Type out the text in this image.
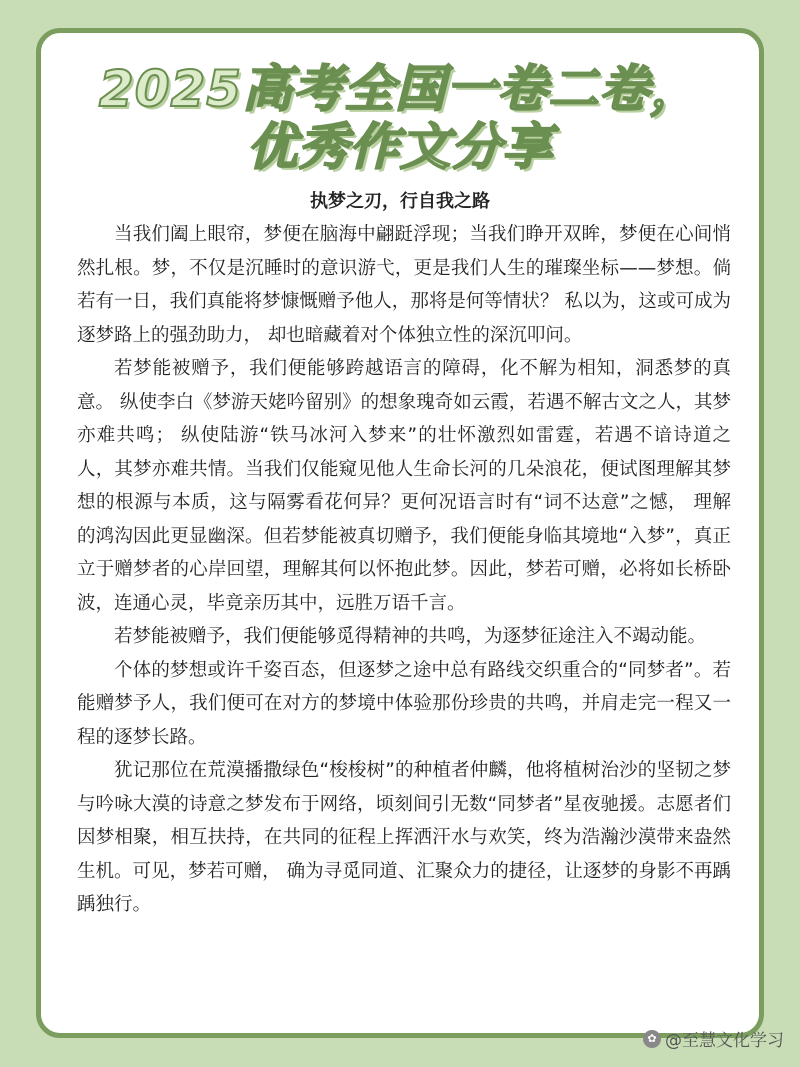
2025高考全国一卷二卷，
优秀作文分享
执梦之刃，行自我之路

当我们阖上眼帘，梦便在脑海中翩跹浮现；当我们睁开双眸，梦便在心间悄然扎根。梦，不仅是沉睡时的意识游弋，更是我们人生的璀璨坐标——梦想。倘若有一日，我们真能将梦慷慨赠予他人，那将是何等情状？ 私以为，这或可成为逐梦路上的强劲助力， 却也暗藏着对个体独立性的深沉叩问。

若梦能被赠予，我们便能够跨越语言的障碍，化不解为相知，洞悉梦的真意。 纵使李白《梦游天姥吟留别》的想象瑰奇如云霞，若遇不解古文之人，其梦亦难共鸣； 纵使陆游“铁马冰河入梦来”的壮怀激烈如雷霆，若遇不谙诗道之人，其梦亦难共情。当我们仅能窥见他人生命长河的几朵浪花，便试图理解其梦想的根源与本质，这与隔雾看花何异？更何况语言时有“词不达意”之憾， 理解的鸿沟因此更显幽深。但若梦能被真切赠予，我们便能身临其境地“入梦”，真正立于赠梦者的心岸回望，理解其何以怀抱此梦。因此，梦若可赠，必将如长桥卧波，连通心灵，毕竟亲历其中，远胜万语千言。

若梦能被赠予，我们便能够觅得精神的共鸣，为逐梦征途注入不竭动能。

个体的梦想或许千姿百态，但逐梦之途中总有路线交织重合的“同梦者”。若能赠梦予人，我们便可在对方的梦境中体验那份珍贵的共鸣，并肩走完一程又一程的逐梦长路。

犹记那位在荒漠播撒绿色“梭梭树”的种植者仲麟，他将植树治沙的坚韧之梦与吟咏大漠的诗意之梦发布于网络，顷刻间引无数“同梦者”星夜驰援。志愿者们因梦相聚，相互扶持，在共同的征程上挥洒汗水与欢笑，终为浩瀚沙漠带来盎然生机。可见，梦若可赠， 确为寻觅同道、汇聚众力的捷径，让逐梦的身影不再踽踽独行。

✿ @至慧文化学习
